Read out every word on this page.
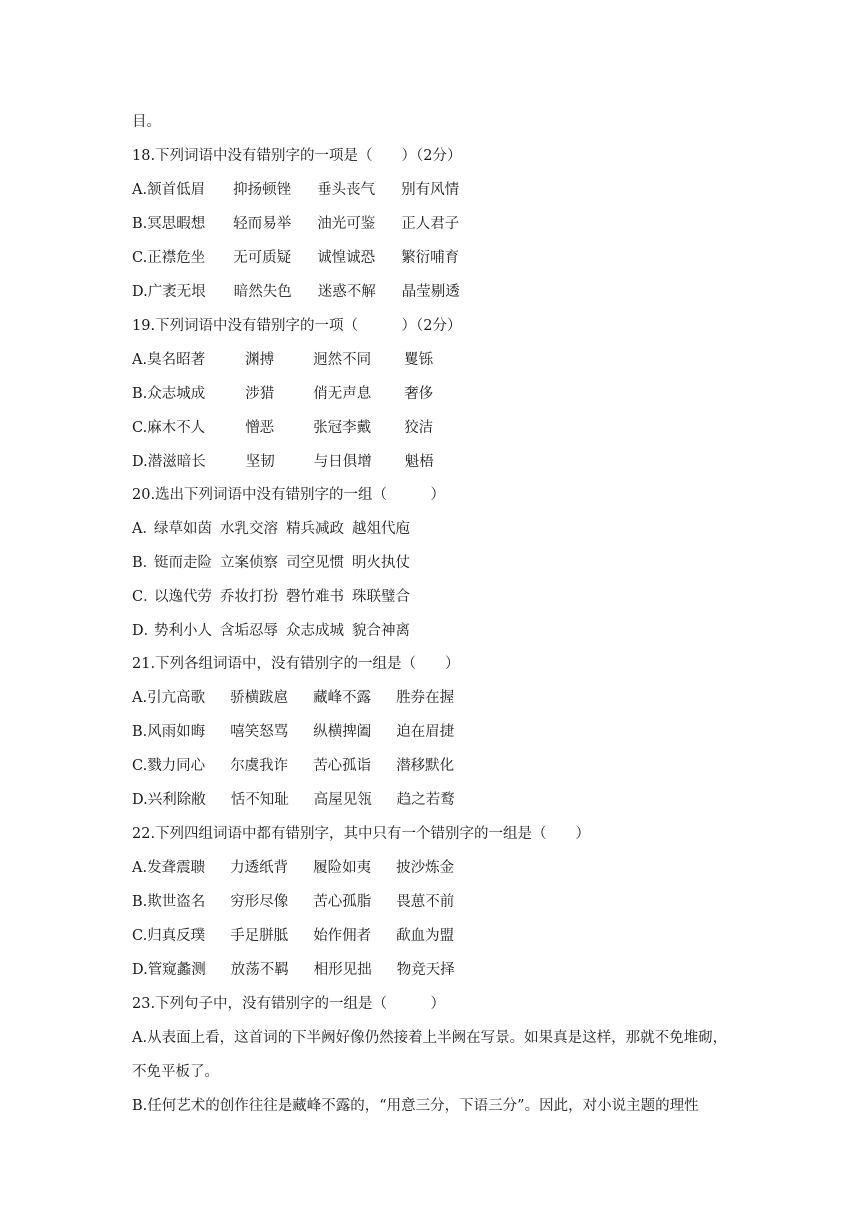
目。
18.下列词语中没有错别字的一项是（　　）（2分）
A. 颔首低眉	抑扬顿锉	垂头丧气	别有风情
B. 冥思暇想	轻而易举	油光可鉴	正人君子
C. 正襟危坐	无可质疑	诚惶诚恐	繁衍哺育
D. 广袤无垠	暗然失色	迷惑不解	晶莹剔透
19.下列词语中没有错别字的一项（　　　）（2分）
A. 臭名昭著	渊搏	迥然不同	矍铄
B. 众志城成	涉猎	俏无声息	奢侈
C. 麻木不人	憎恶	张冠李戴	狡洁
D. 潜滋暗长	坚韧	与日俱增	魁梧
20.选出下列词语中没有错别字的一组（　　　）
A．
绿草如茵 水乳交溶 精兵减政 越俎代庖
B．
铤而走险 立案侦察 司空见惯 明火执仗
C．
以逸代劳 乔妆打扮 磬竹难书 珠联璧合
D．
势利小人 含垢忍辱 众志成城 貌合神离
21.下列各组词语中，没有错别字的一组是（　　）
A. 引亢高歌	骄横跋扈	藏峰不露	胜券在握
B. 风雨如晦	嘻笑怒骂	纵横捭阖	迫在眉捷
C. 戮力同心	尔虞我诈	苦心孤诣	潜移默化
D. 兴利除敝	恬不知耻	高屋见瓴	趋之若鹜
22.下列四组词语中都有错别字，其中只有一个错别字的一组是（　　）
A. 发聋震聩	力透纸背	履险如夷	披沙炼金
B. 欺世盗名	穷形尽像	苦心孤脂	畏葸不前
C. 归真反璞	手足胼胝	始作佣者	歃血为盟
D. 管窥蠡测	放荡不羁	相形见拙	物竞天择
23.下列句子中，没有错别字的一组是（　　　）
A.从表面上看，这首词的下半阙好像仍然接着上半阙在写景。如果真是这样，那就不免堆砌，不免平板了。
B.任何艺术的创作往往是藏峰不露的，“用意三分，下语三分”。因此，对小说主题的理性
